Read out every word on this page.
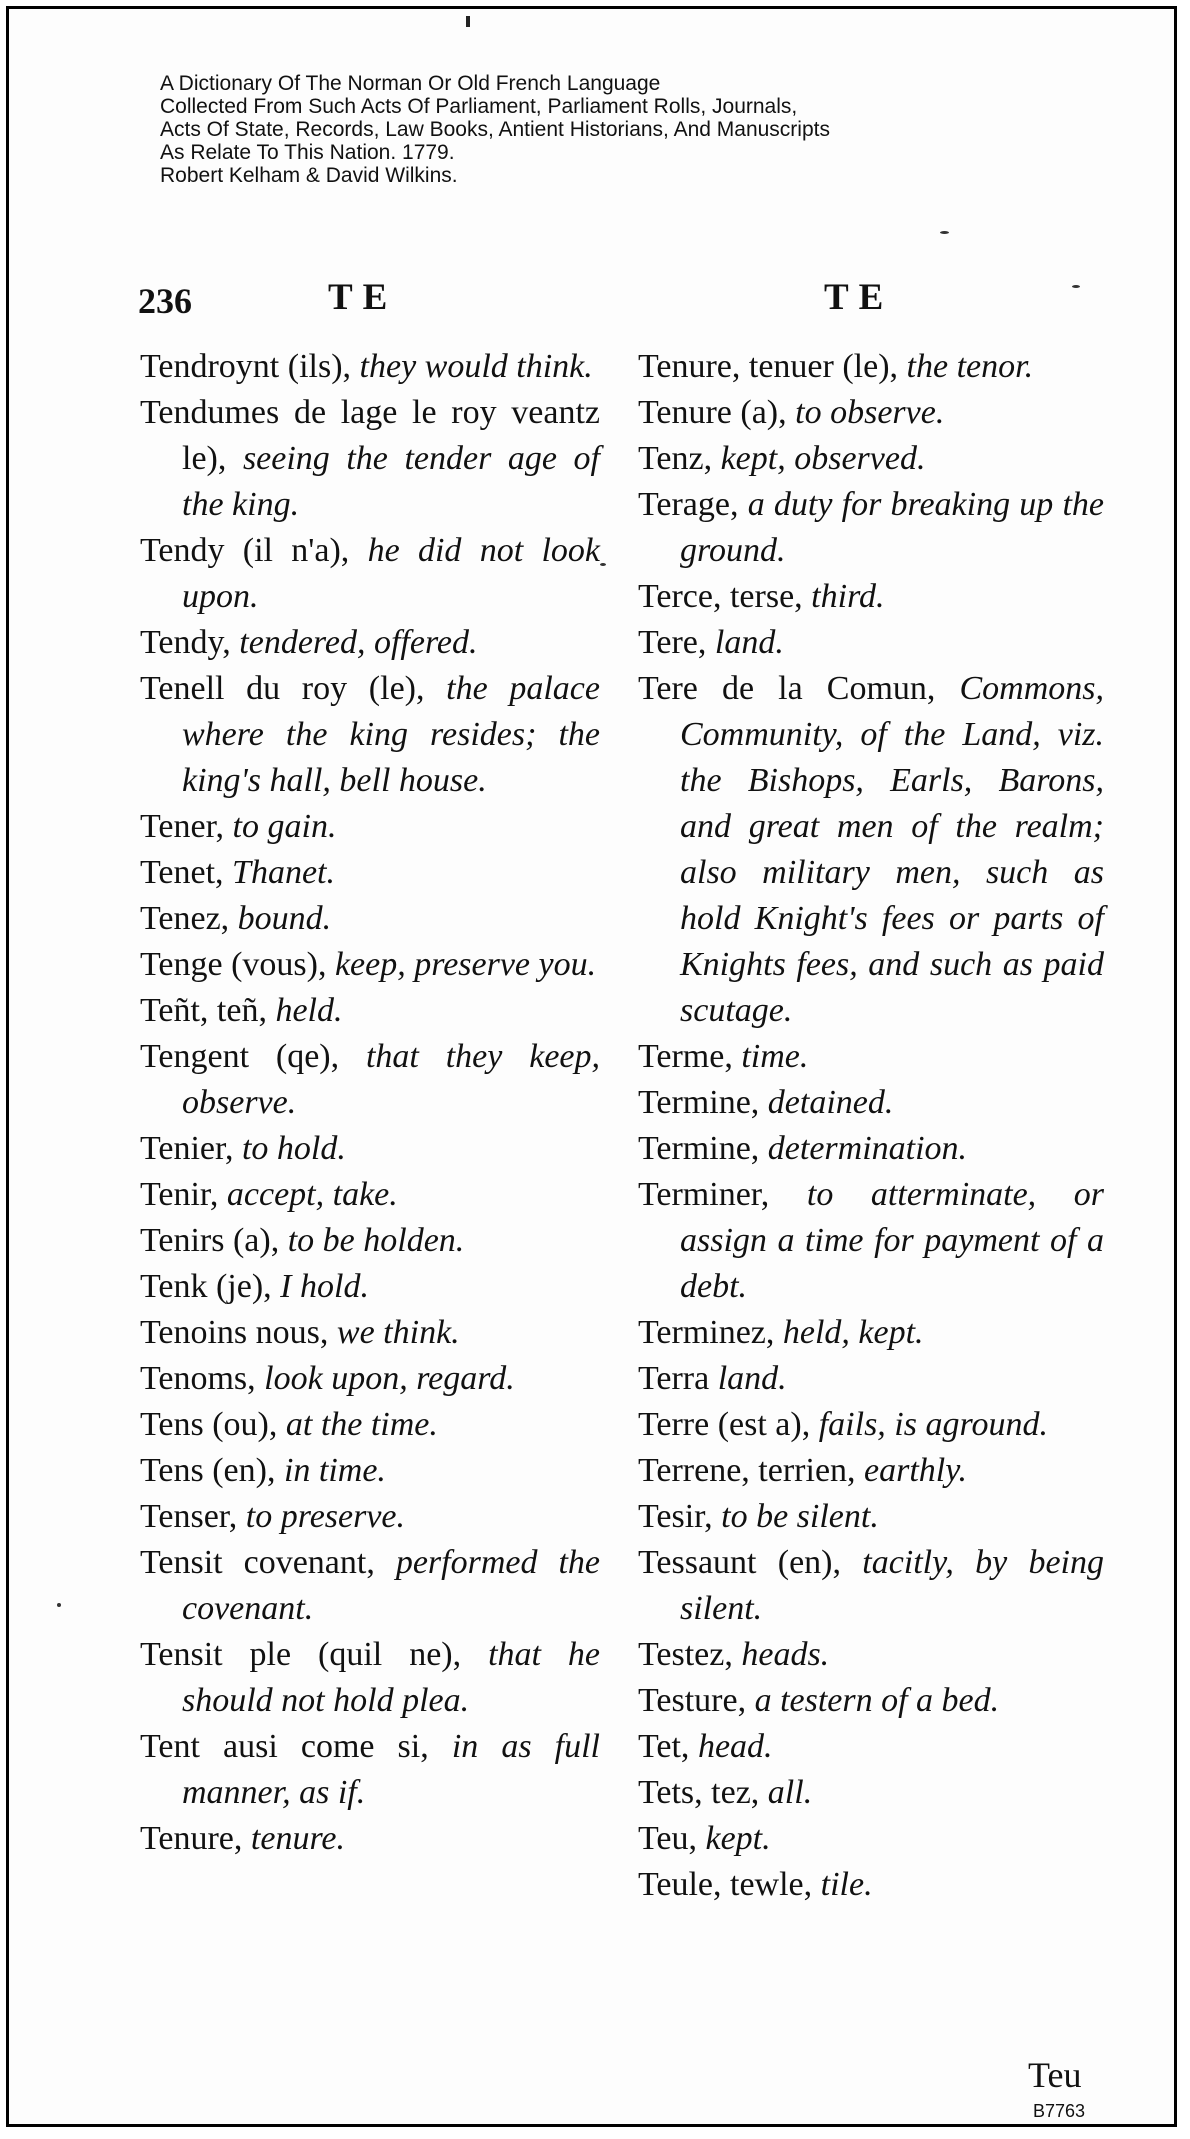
A Dictionary Of The Norman Or Old French Language
Collected From Such Acts Of Parliament, Parliament Rolls, Journals,
Acts Of State, Records, Law Books, Antient Historians, And Manuscripts
As Relate To This Nation. 1779.
Robert Kelham & David Wilkins.
236	TE	TE

Tendroynt (ils), they would think.

Tendumes de lage le roy veantz le), seeing the tender age of the king.

Tendy (il n'a), he did not look upon.

Tendy, tendered, offered.

Tenell du roy (le), the palace where the king resides; the king's hall, bell house.

Tener, to gain.

Tenet, Thanet.

Tenez, bound.

Tenge (vous), keep, preserve you.

Teñt, teñ, held.

Tengent (qe), that they keep, observe.

Tenier, to hold.

Tenir, accept, take.

Tenirs (a), to be holden.

Tenk (je), I hold.

Tenoins nous, we think.

Tenoms, look upon, regard.

Tens (ou), at the time.

Tens (en), in time.

Tenser, to preserve.

Tensit covenant, performed the covenant.

Tensit ple (quil ne), that he should not hold plea.

Tent ausi come si, in as full manner, as if.

Tenure, tenure.

Tenure, tenuer (le), the tenor.

Tenure (a), to observe.

Tenz, kept, observed.

Terage, a duty for breaking up the ground.

Terce, terse, third.

Tere, land.

Tere de la Comun, Commons, Community, of the Land, viz. the Bishops, Earls, Barons, and great men of the realm; also military men, such as hold Knight's fees or parts of Knights fees, and such as paid scutage.

Terme, time.

Termine, detained.

Termine, determination.

Terminer, to atterminate, or assign a time for payment of a debt.

Terminez, held, kept.

Terra land.

Terre (est a), fails, is aground.

Terrene, terrien, earthly.

Tesir, to be silent.

Tessaunt (en), tacitly, by being silent.

Testez, heads.

Testure, a testern of a bed.

Tet, head.

Tets, tez, all.

Teu, kept.

Teule, tewle, tile.

Teu
B7763
